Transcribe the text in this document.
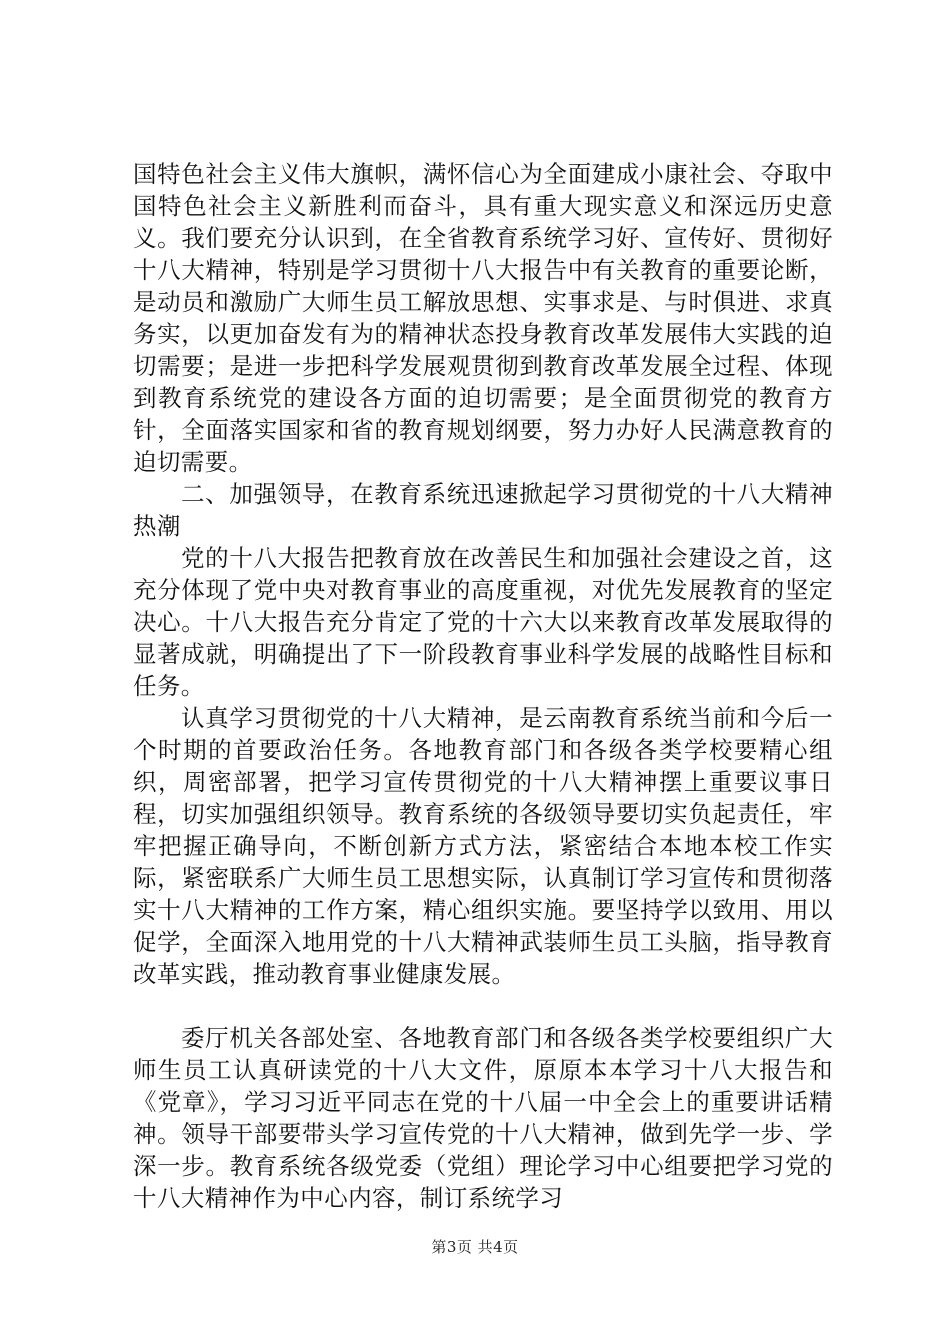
国特色社会主义伟大旗帜，满怀信心为全面建成小康社会、夺取中国特色社会主义新胜利而奋斗，具有重大现实意义和深远历史意义。我们要充分认识到，在全省教育系统学习好、宣传好、贯彻好十八大精神，特别是学习贯彻十八大报告中有关教育的重要论断，是动员和激励广大师生员工解放思想、实事求是、与时俱进、求真务实，以更加奋发有为的精神状态投身教育改革发展伟大实践的迫切需要；是进一步把科学发展观贯彻到教育改革发展全过程、体现到教育系统党的建设各方面的迫切需要；是全面贯彻党的教育方针，全面落实国家和省的教育规划纲要，努力办好人民满意教育的迫切需要。

二、加强领导，在教育系统迅速掀起学习贯彻党的十八大精神热潮

党的十八大报告把教育放在改善民生和加强社会建设之首，这充分体现了党中央对教育事业的高度重视，对优先发展教育的坚定决心。十八大报告充分肯定了党的十六大以来教育改革发展取得的显著成就，明确提出了下一阶段教育事业科学发展的战略性目标和任务。

认真学习贯彻党的十八大精神，是云南教育系统当前和今后一个时期的首要政治任务。各地教育部门和各级各类学校要精心组织，周密部署，把学习宣传贯彻党的十八大精神摆上重要议事日程，切实加强组织领导。教育系统的各级领导要切实负起责任，牢牢把握正确导向，不断创新方式方法，紧密结合本地本校工作实际，紧密联系广大师生员工思想实际，认真制订学习宣传和贯彻落实十八大精神的工作方案，精心组织实施。要坚持学以致用、用以促学，全面深入地用党的十八大精神武装师生员工头脑，指导教育改革实践，推动教育事业健康发展。

委厅机关各部处室、各地教育部门和各级各类学校要组织广大师生员工认真研读党的十八大文件，原原本本学习十八大报告和《党章》，学习习近平同志在党的十八届一中全会上的重要讲话精神。领导干部要带头学习宣传党的十八大精神，做到先学一步、学深一步。教育系统各级党委（党组）理论学习中心组要把学习党的十八大精神作为中心内容，制订系统学习

第3页 共4页
